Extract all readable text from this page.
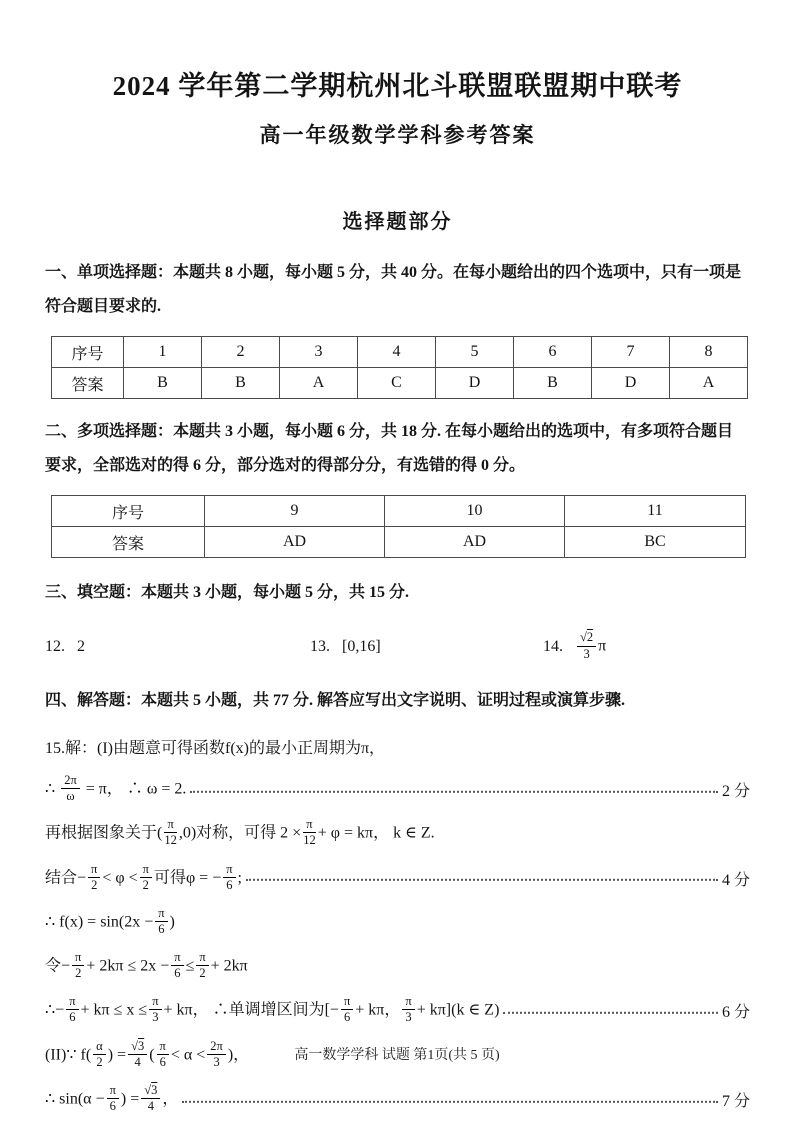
2024 学年第二学期杭州北斗联盟联盟期中联考
高一年级数学学科参考答案
选择题部分
一、单项选择题：本题共 8 小题，每小题 5 分，共 40 分。在每小题给出的四个选项中，只有一项是
符合题目要求的.
序号	1	2	3	4	5	6	7	8
答案	B	B	A	C	D	B	D	A
二、多项选择题：本题共 3 小题，每小题 6 分，共 18 分. 在每小题给出的选项中，有多项符合题目
要求，全部选对的得 6 分，部分选对的得部分分，有选错的得 0 分。
序号	9	10	11
答案	AD	AD	BC
三、填空题：本题共 3 小题，每小题 5 分，共 15 分.
12. 2	13. [0,16]	14. $\frac{√2}{3}$ π
四、解答题：本题共 5 小题，共 77 分. 解答应写出文字说明、证明过程或演算步骤.
15.解：(I)由题意可得函数f(x)的最小正周期为π，
∴ $\frac{2\pi}{\omega} = \pi$， ∴ ω = 2.	2 分
再根据图象关于( $\frac{\pi}{12} ,0$)对称，可得 $2 \times \frac{\pi}{12} + \varphi = k\pi$， k ∈ Z.
结合− $\frac{\pi}{2} < \varphi < \frac{\pi}{2}$ 可得φ = − $\frac{\pi}{6}$ ;	4 分
∴ $f(x) = \sin(2x - \frac{\pi}{6}$ )
令− $\frac{\pi}{2} + 2k\pi \le 2x - \frac{\pi}{6} \le \frac{\pi}{2} + 2k\pi$
∴− $\frac{\pi}{6} + k\pi \le x \le \frac{\pi}{3} + k\pi$， ∴单调增区间为[− $\frac{\pi}{6} + k\pi$， $\frac{\pi}{3} + k\pi](k$ ∈ Z)	6 分
(II)∵ $f( \frac{\alpha}{2}$ ) = $\frac{√3}{4}$ ( $\frac{\pi}{6} < \alpha < \frac{2\pi}{3}$ )，
∴ $\sin(\alpha - \frac{\pi}{6}$ ) = $\frac{√3}{4}$ ，	7 分
高一数学学科 试题 第1页(共 5 页)
